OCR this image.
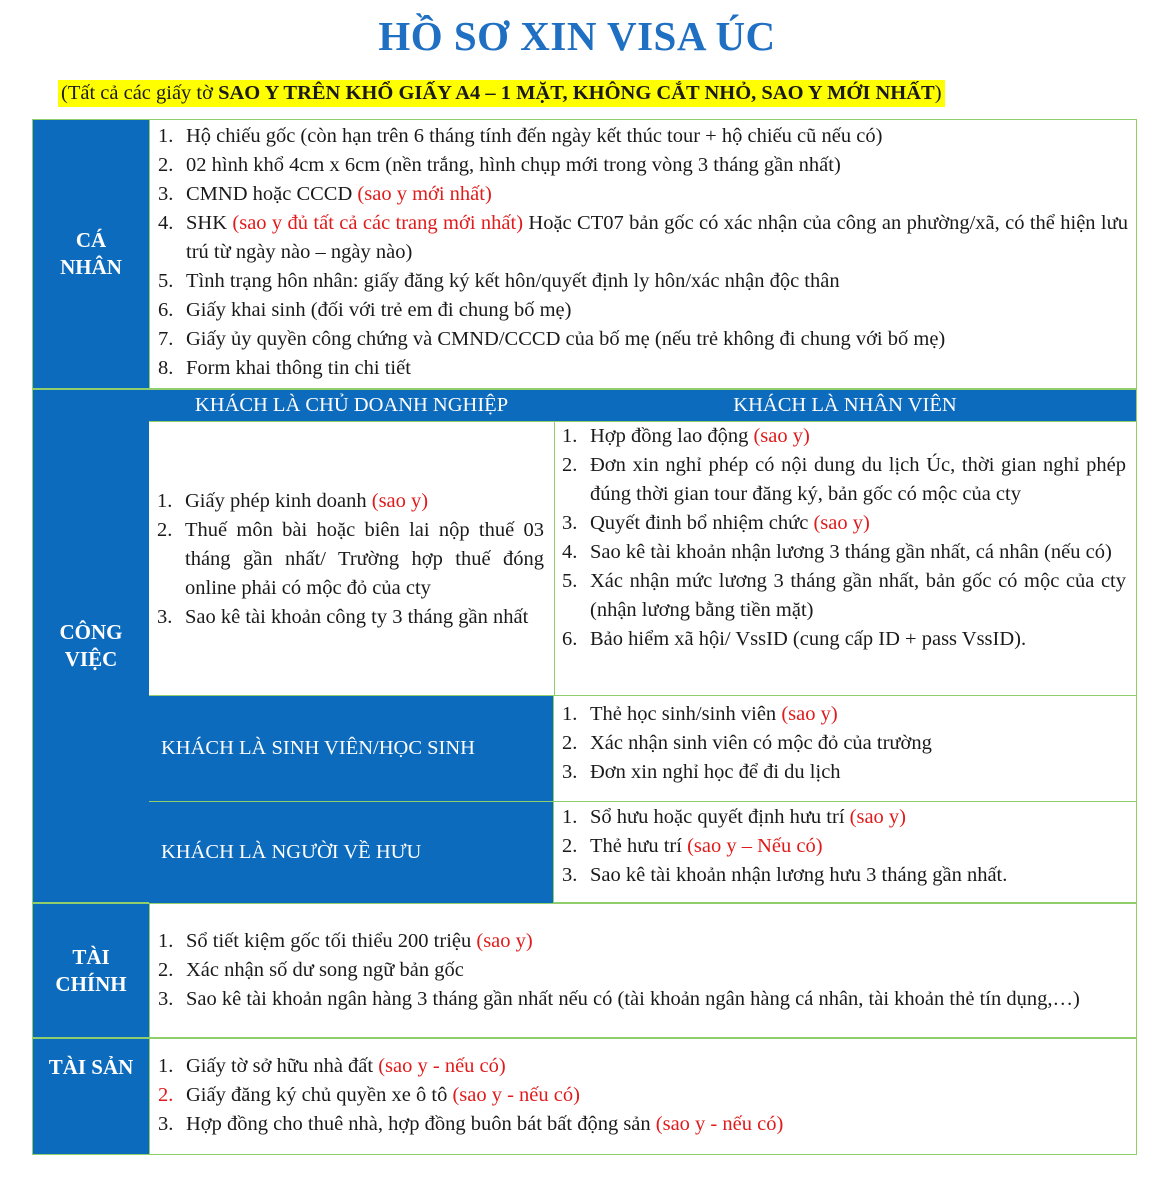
HỒ SƠ XIN VISA ÚC
(Tất cả các giấy tờ SAO Y TRÊN KHỔ GIẤY A4 – 1 MẶT, KHÔNG CẮT NHỎ, SAO Y MỚI NHẤT)
CÁ NHÂN
1. Hộ chiếu gốc (còn hạn trên 6 tháng tính đến ngày kết thúc tour + hộ chiếu cũ nếu có)
2. 02 hình khổ 4cm x 6cm (nền trắng, hình chụp mới trong vòng 3 tháng gần nhất)
3. CMND hoặc CCCD (sao y mới nhất)
4. SHK (sao y đủ tất cả các trang mới nhất) Hoặc CT07 bản gốc có xác nhận của công an phường/xã, có thể hiện lưu trú từ ngày nào – ngày nào)
5. Tình trạng hôn nhân: giấy đăng ký kết hôn/quyết định ly hôn/xác nhận độc thân
6. Giấy khai sinh (đối với trẻ em đi chung bố mẹ)
7. Giấy ủy quyền công chứng và CMND/CCCD của bố mẹ (nếu trẻ không đi chung với bố mẹ)
8. Form khai thông tin chi tiết
CÔNG VIỆC
KHÁCH LÀ CHỦ DOANH NGHIỆP	KHÁCH LÀ NHÂN VIÊN
1. Giấy phép kinh doanh (sao y)
2. Thuế môn bài hoặc biên lai nộp thuế 03 tháng gần nhất/ Trường hợp thuế đóng online phải có mộc đỏ của cty
3. Sao kê tài khoản công ty 3 tháng gần nhất
1. Hợp đồng lao động (sao y)
2. Đơn xin nghỉ phép có nội dung du lịch Úc, thời gian nghỉ phép đúng thời gian tour đăng ký, bản gốc có mộc của cty
3. Quyết đinh bổ nhiệm chức (sao y)
4. Sao kê tài khoản nhận lương 3 tháng gần nhất, cá nhân (nếu có)
5. Xác nhận mức lương 3 tháng gần nhất, bản gốc có mộc của cty (nhận lương bằng tiền mặt)
6. Bảo hiểm xã hội/ VssID (cung cấp ID + pass VssID).
KHÁCH LÀ SINH VIÊN/HỌC SINH
1. Thẻ học sinh/sinh viên (sao y)
2. Xác nhận sinh viên có mộc đỏ của trường
3. Đơn xin nghỉ học để đi du lịch
KHÁCH LÀ NGƯỜI VỀ HƯU
1. Sổ hưu hoặc quyết định hưu trí (sao y)
2. Thẻ hưu trí (sao y – Nếu có)
3. Sao kê tài khoản nhận lương hưu 3 tháng gần nhất.
TÀI CHÍNH
1. Sổ tiết kiệm gốc tối thiểu 200 triệu (sao y)
2. Xác nhận số dư song ngữ bản gốc
3. Sao kê tài khoản ngân hàng 3 tháng gần nhất nếu có (tài khoản ngân hàng cá nhân, tài khoản thẻ tín dụng,…)
TÀI SẢN	1. Giấy tờ sở hữu nhà đất (sao y - nếu có)
2. Giấy đăng ký chủ quyền xe ô tô (sao y - nếu có)
3. Hợp đồng cho thuê nhà, hợp đồng buôn bát bất động sản (sao y - nếu có)
